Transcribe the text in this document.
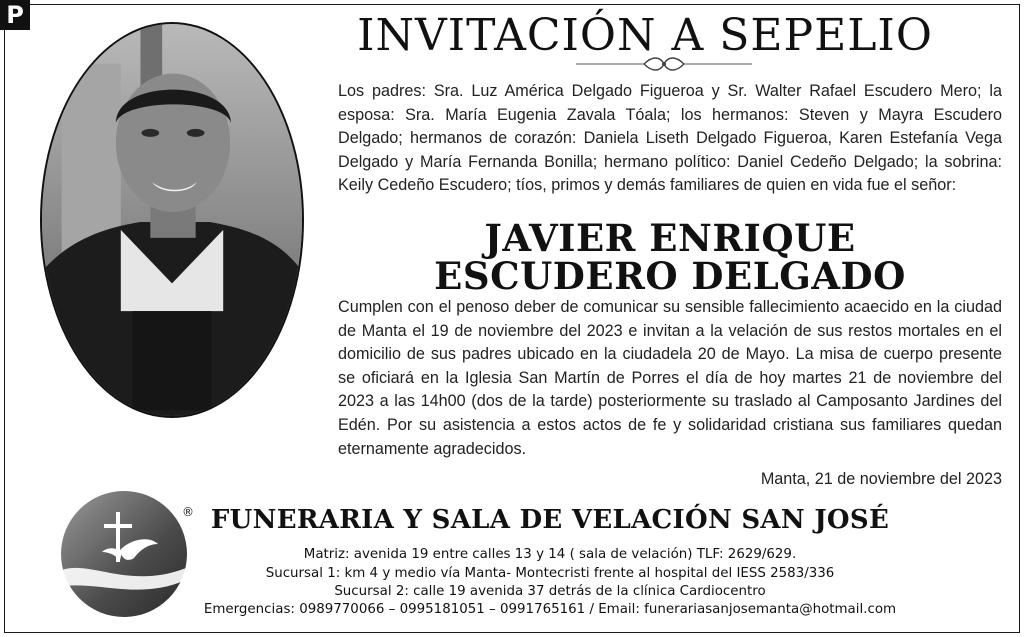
P	INVITACIÓN A SEPELIO

Los padres: Sra. Luz América Delgado Figueroa y Sr. Walter Rafael Escudero Mero; la esposa: Sra. María Eugenia Zavala Tóala; los hermanos: Steven y Mayra Escudero Delgado; hermanos de corazón: Daniela Liseth Delgado Figueroa, Karen Estefanía Vega Delgado y María Fernanda Bonilla; hermano político: Daniel Cedeño Delgado; la sobrina: Keily Cedeño Escudero; tíos, primos y demás familiares de quien en vida fue el señor:

JAVIER ENRIQUE
ESCUDERO DELGADO

Cumplen con el penoso deber de comunicar su sensible fallecimiento acaecido en la ciudad de Manta el 19 de noviembre del 2023 e invitan a la velación de sus restos mortales en el domicilio de sus padres ubicado en la ciudadela 20 de Mayo. La misa de cuerpo presente se oficiará en la Iglesia San Martín de Porres el día de hoy martes 21 de noviembre del 2023 a las 14h00 (dos de la tarde) posteriormente su traslado al Camposanto Jardines del Edén. Por su asistencia a estos actos de fe y solidaridad cristiana sus familiares quedan eternamente agradecidos.

Manta, 21 de noviembre del 2023

® FUNERARIA Y SALA DE VELACIÓN SAN JOSÉ

Matriz: avenida 19 entre calles 13 y 14 ( sala de velación) TLF: 2629/629.

Sucursal 1: km 4 y medio vía Manta- Montecristi frente al hospital del IESS 2583/336

Sucursal 2: calle 19 avenida 37 detrás de la clínica Cardiocentro

Emergencias: 0989770066 – 0995181051 – 0991765161 / Email: funerariasanjosemanta@hotmail.com
